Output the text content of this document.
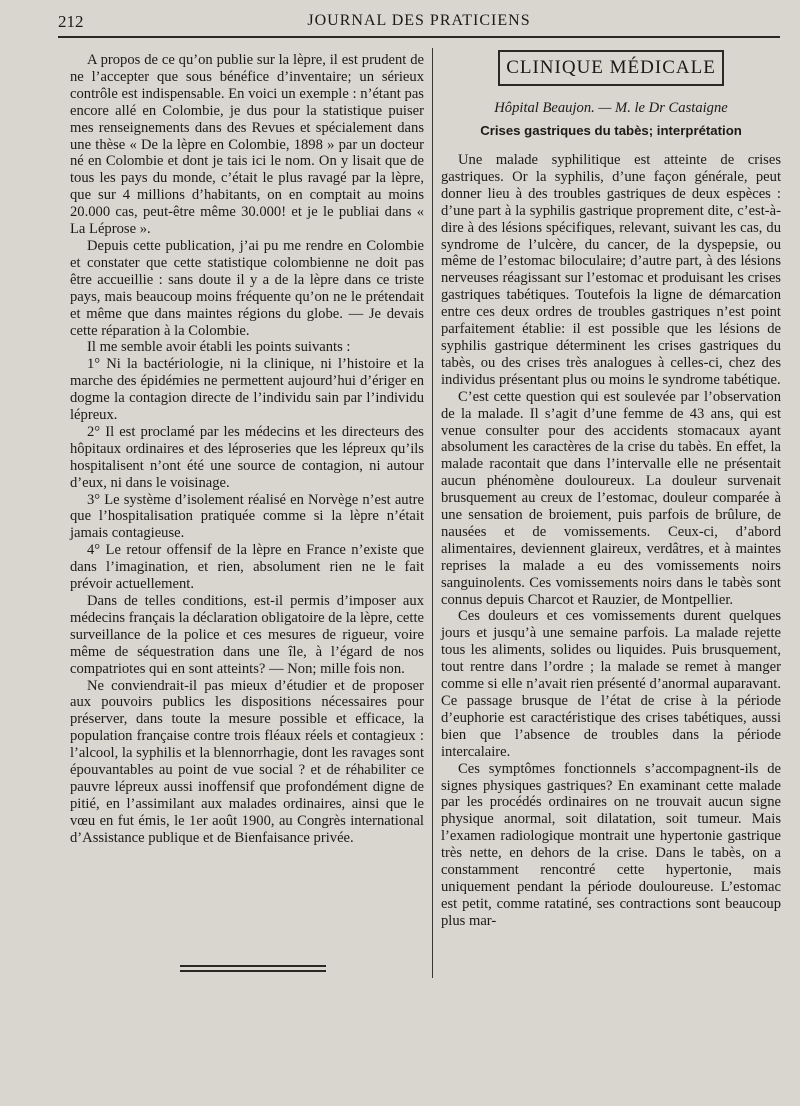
212	JOURNAL DES PRATICIENS

A propos de ce qu’on publie sur la lèpre, il est prudent de ne l’accepter que sous bénéfice d’inventaire; un sérieux contrôle est indispensable. En voici un exemple : n’étant pas encore allé en Colombie, je dus pour la statistique puiser mes renseignements dans des Revues et spécialement dans une thèse « De la lèpre en Colombie, 1898 » par un docteur né en Colombie et dont je tais ici le nom. On y lisait que de tous les pays du monde, c’était le plus ravagé par la lèpre, que sur 4 millions d’habitants, on en comptait au moins 20.000 cas, peut-être même 30.000! et je le publiai dans « La Léprose ».

Depuis cette publication, j’ai pu me rendre en Colombie et constater que cette statistique colombienne ne doit pas être accueillie : sans doute il y a de la lèpre dans ce triste pays, mais beaucoup moins fréquente qu’on ne le prétendait et même que dans maintes régions du globe. — Je devais cette réparation à la Colombie.

Il me semble avoir établi les points suivants :

1° Ni la bactériologie, ni la clinique, ni l’histoire et la marche des épidémies ne permettent aujourd’hui d’ériger en dogme la contagion directe de l’individu sain par l’individu lépreux.

2° Il est proclamé par les médecins et les directeurs des hôpitaux ordinaires et des léproseries que les lépreux qu’ils hospitalisent n’ont été une source de contagion, ni autour d’eux, ni dans le voisinage.

3° Le système d’isolement réalisé en Norvège n’est autre que l’hospitalisation pratiquée comme si la lèpre n’était jamais contagieuse.

4° Le retour offensif de la lèpre en France n’existe que dans l’imagination, et rien, absolument rien ne le fait prévoir actuellement.

Dans de telles conditions, est-il permis d’imposer aux médecins français la déclaration obligatoire de la lèpre, cette surveillance de la police et ces mesures de rigueur, voire même de séquestration dans une île, à l’égard de nos compatriotes qui en sont atteints? — Non; mille fois non.

Ne conviendrait-il pas mieux d’étudier et de proposer aux pouvoirs publics les dispositions nécessaires pour préserver, dans toute la mesure possible et efficace, la population française contre trois fléaux réels et contagieux : l’alcool, la syphilis et la blennorrhagie, dont les ravages sont épouvantables au point de vue social ? et de réhabiliter ce pauvre lépreux aussi inoffensif que profondément digne de pitié, en l’assimilant aux malades ordinaires, ainsi que le vœu en fut émis, le 1er août 1900, au Congrès international d’Assistance publique et de Bienfaisance privée.

CLINIQUE MÉDICALE
Hôpital Beaujon. — M. le Dr Castaigne
Crises gastriques du tabès; interprétation

Une malade syphilitique est atteinte de crises gastriques. Or la syphilis, d’une façon générale, peut donner lieu à des troubles gastriques de deux espèces : d’une part à la syphilis gastrique proprement dite, c’est-à-dire à des lésions spécifiques, relevant, suivant les cas, du syndrome de l’ulcère, du cancer, de la dyspepsie, ou même de l’estomac biloculaire; d’autre part, à des lésions nerveuses réagissant sur l’estomac et produisant les crises gastriques tabétiques. Toutefois la ligne de démarcation entre ces deux ordres de troubles gastriques n’est point parfaitement établie: il est possible que les lésions de syphilis gastrique déterminent les crises gastriques du tabès, ou des crises très analogues à celles-ci, chez des individus présentant plus ou moins le syndrome tabétique.

C’est cette question qui est soulevée par l’observation de la malade. Il s’agit d’une femme de 43 ans, qui est venue consulter pour des accidents stomacaux ayant absolument les caractères de la crise du tabès. En effet, la malade racontait que dans l’intervalle elle ne présentait aucun phénomène douloureux. La douleur survenait brusquement au creux de l’estomac, douleur comparée à une sensation de broiement, puis parfois de brûlure, de nausées et de vomissements. Ceux-ci, d’abord alimentaires, deviennent glaireux, verdâtres, et à maintes reprises la malade a eu des vomissements noirs sanguinolents. Ces vomissements noirs dans le tabès sont connus depuis Charcot et Rauzier, de Montpellier.

Ces douleurs et ces vomissements durent quelques jours et jusqu’à une semaine parfois. La malade rejette tous les aliments, solides ou liquides. Puis brusquement, tout rentre dans l’ordre ; la malade se remet à manger comme si elle n’avait rien présenté d’anormal auparavant. Ce passage brusque de l’état de crise à la période d’euphorie est caractéristique des crises tabétiques, aussi bien que l’absence de troubles dans la période intercalaire.

Ces symptômes fonctionnels s’accompagnent-ils de signes physiques gastriques? En examinant cette malade par les procédés ordinaires on ne trouvait aucun signe physique anormal, soit dilatation, soit tumeur. Mais l’examen radiologique montrait une hypertonie gastrique très nette, en dehors de la crise. Dans le tabès, on a constamment rencontré cette hypertonie, mais uniquement pendant la période douloureuse. L’estomac est petit, comme ratatiné, ses contractions sont beaucoup plus mar-
